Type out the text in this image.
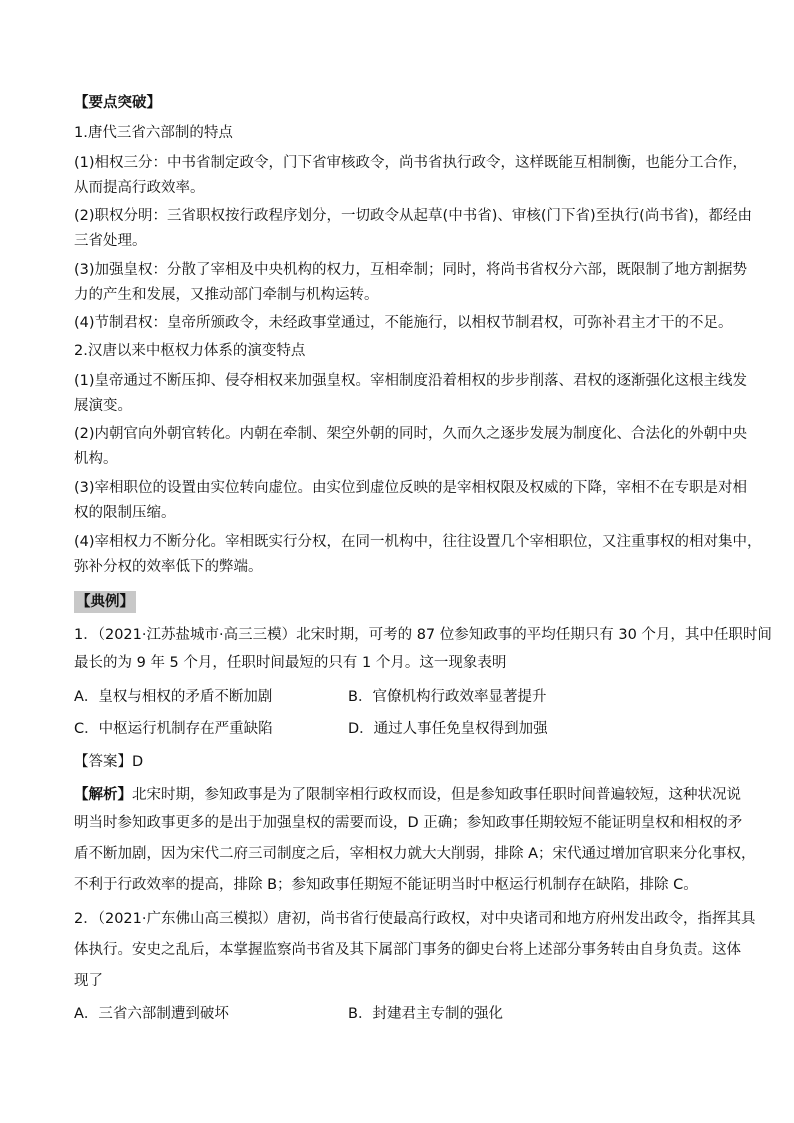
【要点突破】
1.唐代三省六部制的特点
(1)相权三分：中书省制定政令，门下省审核政令，尚书省执行政令，这样既能互相制衡，也能分工合作，
从而提高行政效率。
(2)职权分明：三省职权按行政程序划分，一切政令从起草(中书省)、审核(门下省)至执行(尚书省)，都经由
三省处理。
(3)加强皇权：分散了宰相及中央机构的权力，互相牵制；同时，将尚书省权分六部，既限制了地方割据势
力的产生和发展，又推动部门牵制与机构运转。
(4)节制君权：皇帝所颁政令，未经政事堂通过，不能施行，以相权节制君权，可弥补君主才干的不足。
2.汉唐以来中枢权力体系的演变特点
(1)皇帝通过不断压抑、侵夺相权来加强皇权。宰相制度沿着相权的步步削落、君权的逐渐强化这根主线发
展演变。
(2)内朝官向外朝官转化。内朝在牵制、架空外朝的同时，久而久之逐步发展为制度化、合法化的外朝中央
机构。
(3)宰相职位的设置由实位转向虚位。由实位到虚位反映的是宰相权限及权威的下降，宰相不在专职是对相
权的限制压缩。
(4)宰相权力不断分化。宰相既实行分权，在同一机构中，往往设置几个宰相职位，又注重事权的相对集中，
弥补分权的效率低下的弊端。
【典例】
1．（2021·江苏盐城市·高三三模）北宋时期，可考的 87 位参知政事的平均任期只有 30 个月，其中任职时间
最长的为 9 年 5 个月，任职时间最短的只有 1 个月。这一现象表明
A．皇权与相权的矛盾不断加剧	B．官僚机构行政效率显著提升
C．中枢运行机制存在严重缺陷	D．通过人事任免皇权得到加强
【答案】D
【解析】北宋时期，参知政事是为了限制宰相行政权而设，但是参知政事任职时间普遍较短，这种状况说
明当时参知政事更多的是出于加强皇权的需要而设，D 正确；参知政事任期较短不能证明皇权和相权的矛
盾不断加剧，因为宋代二府三司制度之后，宰相权力就大大削弱，排除 A；宋代通过增加官职来分化事权，
不利于行政效率的提高，排除 B；参知政事任期短不能证明当时中枢运行机制存在缺陷，排除 C。
2．（2021·广东佛山高三模拟）唐初，尚书省行使最高行政权，对中央诸司和地方府州发出政令，指挥其具
体执行。安史之乱后，本掌握监察尚书省及其下属部门事务的御史台将上述部分事务转由自身负责。这体
现了
A．三省六部制遭到破坏	B．封建君主专制的强化
